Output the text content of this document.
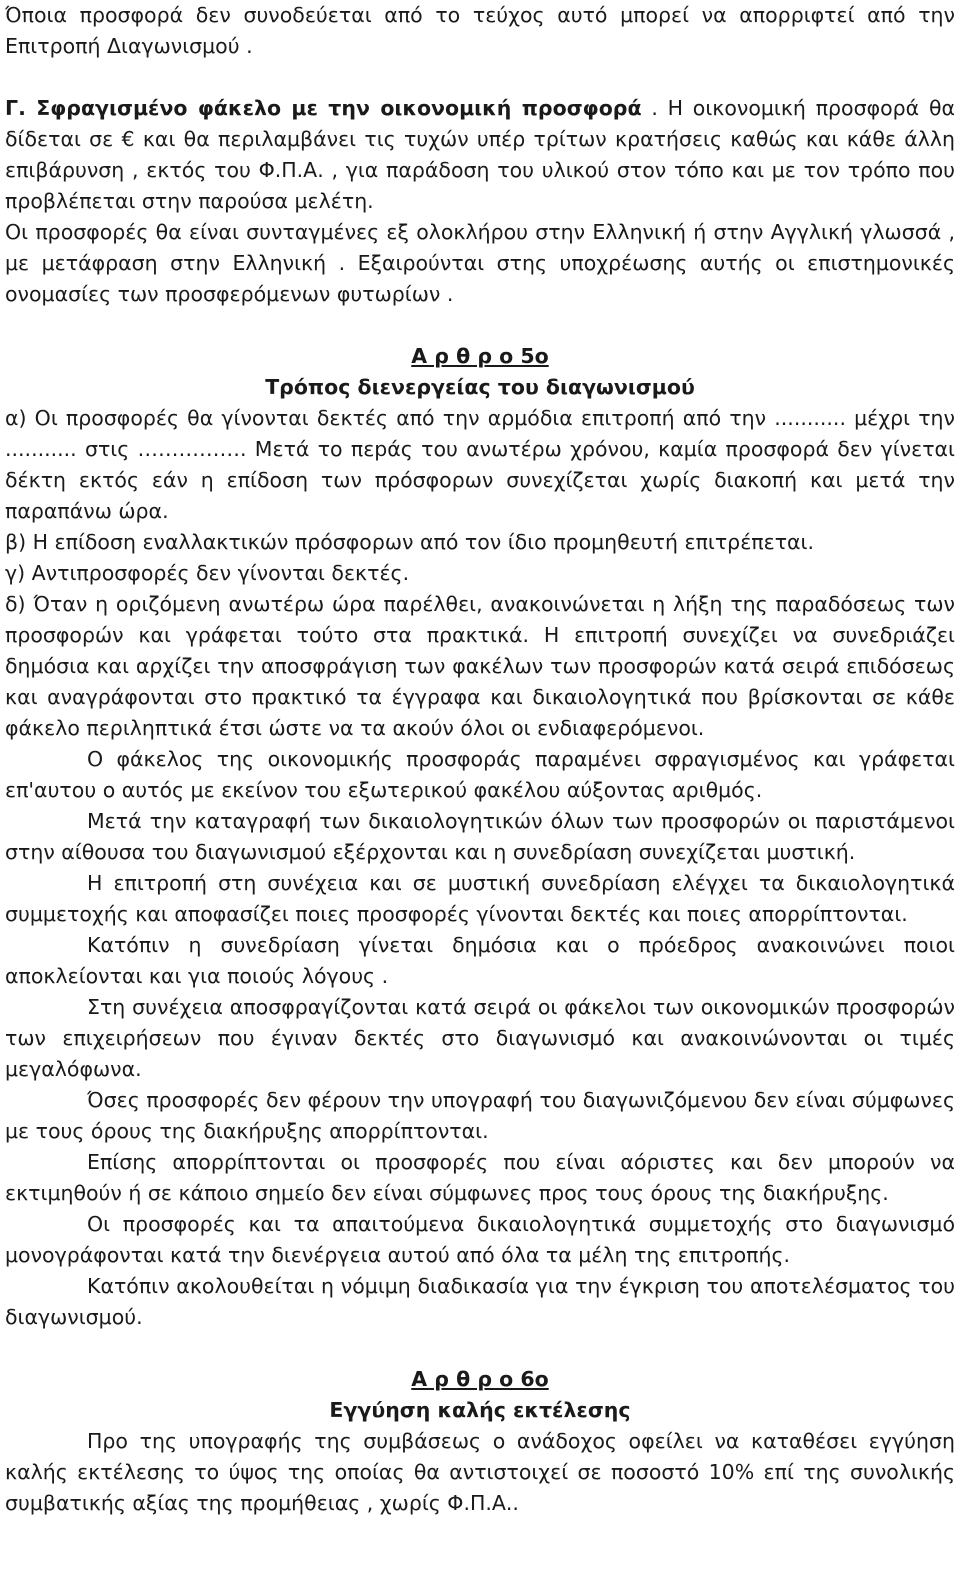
Όποια προσφορά δεν συνοδεύεται από το τεύχος αυτό μπορεί να απορριφτεί από την Επιτροπή Διαγωνισμού .

Γ. Σφραγισμένο φάκελο με την οικονομική προσφορά . Η οικονομική προσφορά θα δίδεται σε € και θα περιλαμβάνει τις τυχών υπέρ τρίτων κρατήσεις καθώς και κάθε άλλη επιβάρυνση , εκτός του Φ.Π.Α. , για παράδοση του υλικού στον τόπο και με τον τρόπο που προβλέπεται στην παρούσα μελέτη.

Οι προσφορές θα είναι συνταγμένες εξ ολοκλήρου στην Ελληνική ή στην Αγγλική γλωσσά , με μετάφραση στην Ελληνική . Εξαιρούνται στης υποχρέωσης αυτής οι επιστημονικές ονομασίες των προσφερόμενων φυτωρίων .

Α ρ θ ρ ο 5ο

Τρόπος διενεργείας του διαγωνισμού

α) Οι προσφορές θα γίνονται δεκτές από την αρμόδια επιτροπή από την ........... μέχρι την ........... στις ……………. Μετά το πεpάς του ανωτέρω χρόνου, καμία προσφορά δεν γίνεται δέκτη εκτός εάν η επίδοση των πρόσφορων συνεχίζεται χωρίς διακοπή και μετά την παραπάνω ώρα.

β) Η επίδοση εναλλακτικών πρόσφορων από τον ίδιο προμηθευτή επιτρέπεται.

γ) Αντιπροσφορές δεν γίνονται δεκτές.

δ) Όταν η οριζόμενη ανωτέρω ώρα παρέλθει, ανακοινώνεται η λήξη της παραδόσεως των προσφορών και γράφεται τούτο στα πρακτικά. Η επιτροπή συνεχίζει να συνεδριάζει δημόσια και αρχίζει την αποσφράγιση των φακέλων των προσφορών κατά σειρά επιδόσεως και αναγράφονται στο πρακτικό τα έγγραφα και δικαιολογητικά που βρίσκονται σε κάθε φάκελο περιληπτικά έτσι ώστε να τα ακούν όλοι οι ενδιαφερόμενοι.

Ο φάκελος της οικονομικής προσφοράς παραμένει σφραγισμένος και γράφεται επ'αυτου ο αυτός με εκείνον του εξωτερικού φακέλου αύξοντας αριθμός.

Μετά την καταγραφή των δικαιολογητικών όλων των προσφορών οι παριστάμενοι στην αίθουσα του διαγωνισμού εξέρχονται και η συνεδρίαση συνεχίζεται μυστική.

Η επιτροπή στη συνέχεια και σε μυστική συνεδρίαση ελέγχει τα δικαιολογητικά συμμετοχής και αποφασίζει ποιες προσφορές γίνονται δεκτές και ποιες απορρίπτονται.

Κατόπιν η συνεδρίαση γίνεται δημόσια και ο πρόεδρος ανακοινώνει ποιοι αποκλείονται και για ποιούς λόγους .

Στη συνέχεια αποσφραγίζονται κατά σειρά οι φάκελοι των οικονομικών προσφορών των επιχειρήσεων που έγιναν δεκτές στο διαγωνισμό και ανακοινώνονται οι τιμές μεγαλόφωνα.

Όσες προσφορές δεν φέρουν την υπογραφή του διαγωνιζόμενου δεν είναι σύμφωνες με τους όρους της διακήρυξης απορρίπτονται.

Επίσης απορρίπτονται οι προσφορές που είναι αόριστες και δεν μπορούν να εκτιμηθούν ή σε κάποιο σημείο δεν είναι σύμφωνες προς τους όρους της διακήρυξης.

Οι προσφορές και τα απαιτούμενα δικαιολογητικά συμμετοχής στο διαγωνισμό μονογράφονται κατά την διενέργεια αυτού από όλα τα μέλη της επιτροπής.

Κατόπιν ακολουθείται η νόμιμη διαδικασία για την έγκριση του αποτελέσματος του διαγωνισμού.

Α ρ θ ρ ο 6ο

Εγγύηση καλής εκτέλεσης

Προ της υπογραφής της συμβάσεως ο ανάδοχος οφείλει να καταθέσει εγγύηση καλής εκτέλεσης το ύψος της οποίας θα αντιστοιχεί σε ποσοστό 10% επί της συνολικής συμβατικής αξίας της προμήθειας , χωρίς Φ.Π.Α..
